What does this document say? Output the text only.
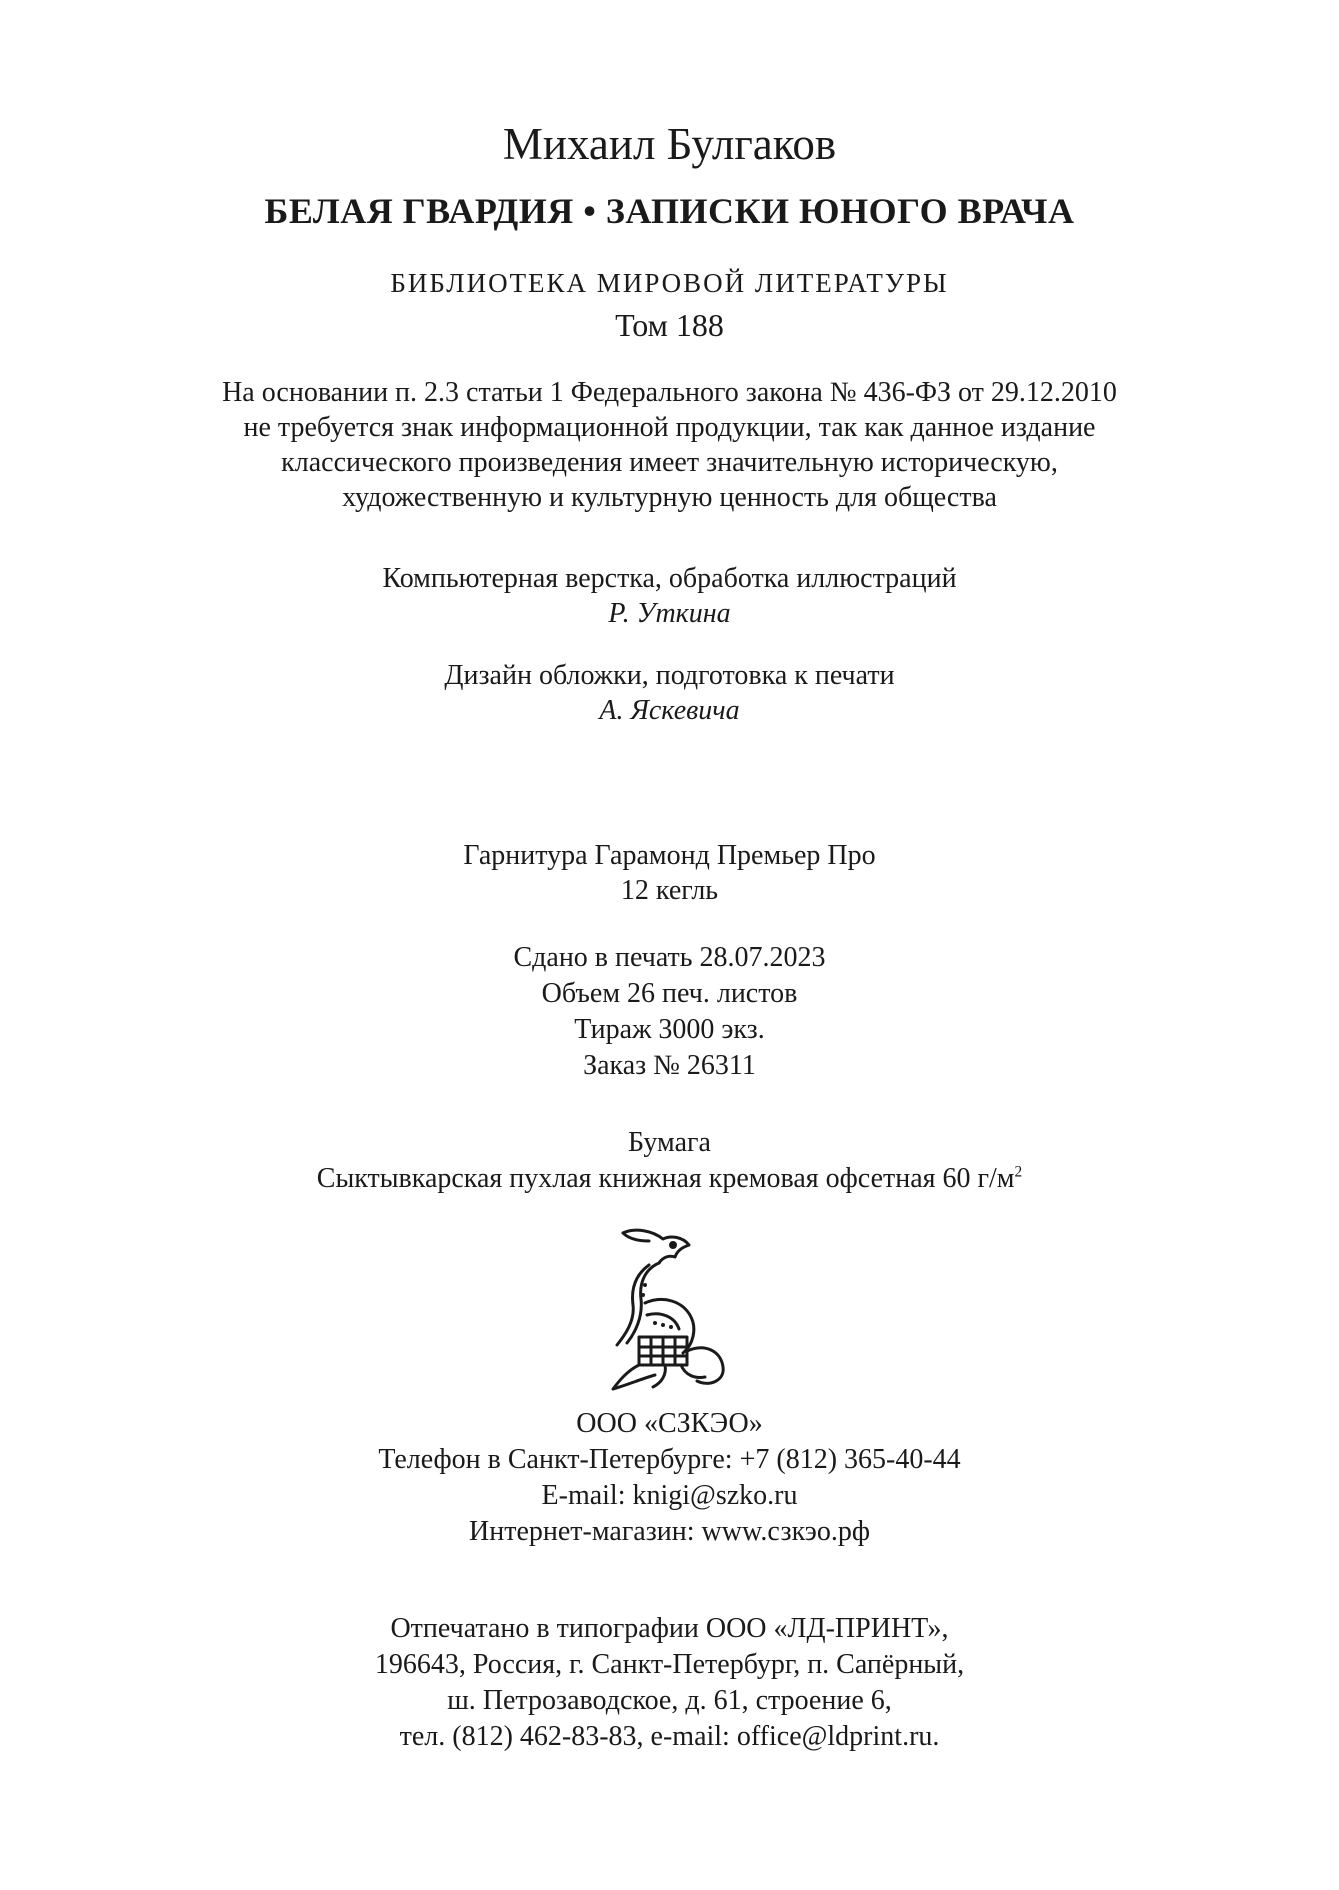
Михаил Булгаков
БЕЛАЯ ГВАРДИЯ • ЗАПИСКИ ЮНОГО ВРАЧА
БИБЛИОТЕКА МИРОВОЙ ЛИТЕРАТУРЫ
Том 188
На основании п. 2.3 статьи 1 Федерального закона № 436-ФЗ от 29.12.2010
не требуется знак информационной продукции, так как данное издание
классического произведения имеет значительную историческую,
художественную и культурную ценность для общества
Компьютерная верстка, обработка иллюстраций
Р. Уткина
Дизайн обложки, подготовка к печати
А. Яскевича
Гарнитура Гарамонд Премьер Про
12 кегль
Сдано в печать 28.07.2023
Объем 26 печ. листов
Тираж 3000 экз.
Заказ № 26311
Бумага
Сыктывкарская пухлая книжная кремовая офсетная 60 $г/м^2$
ООО «СЗКЭО»
Телефон в Санкт-Петербурге: +7 (812) 365-40-44
E-mail: knigi@szko.ru
Интернет-магазин: www.сзкэо.рф
Отпечатано в типографии ООО «ЛД-ПРИНТ»,
196643, Россия, г. Санкт-Петербург, п. Сапёрный,
ш. Петрозаводское, д. 61, строение 6,
тел. (812) 462-83-83, e-mail: office@ldprint.ru.
